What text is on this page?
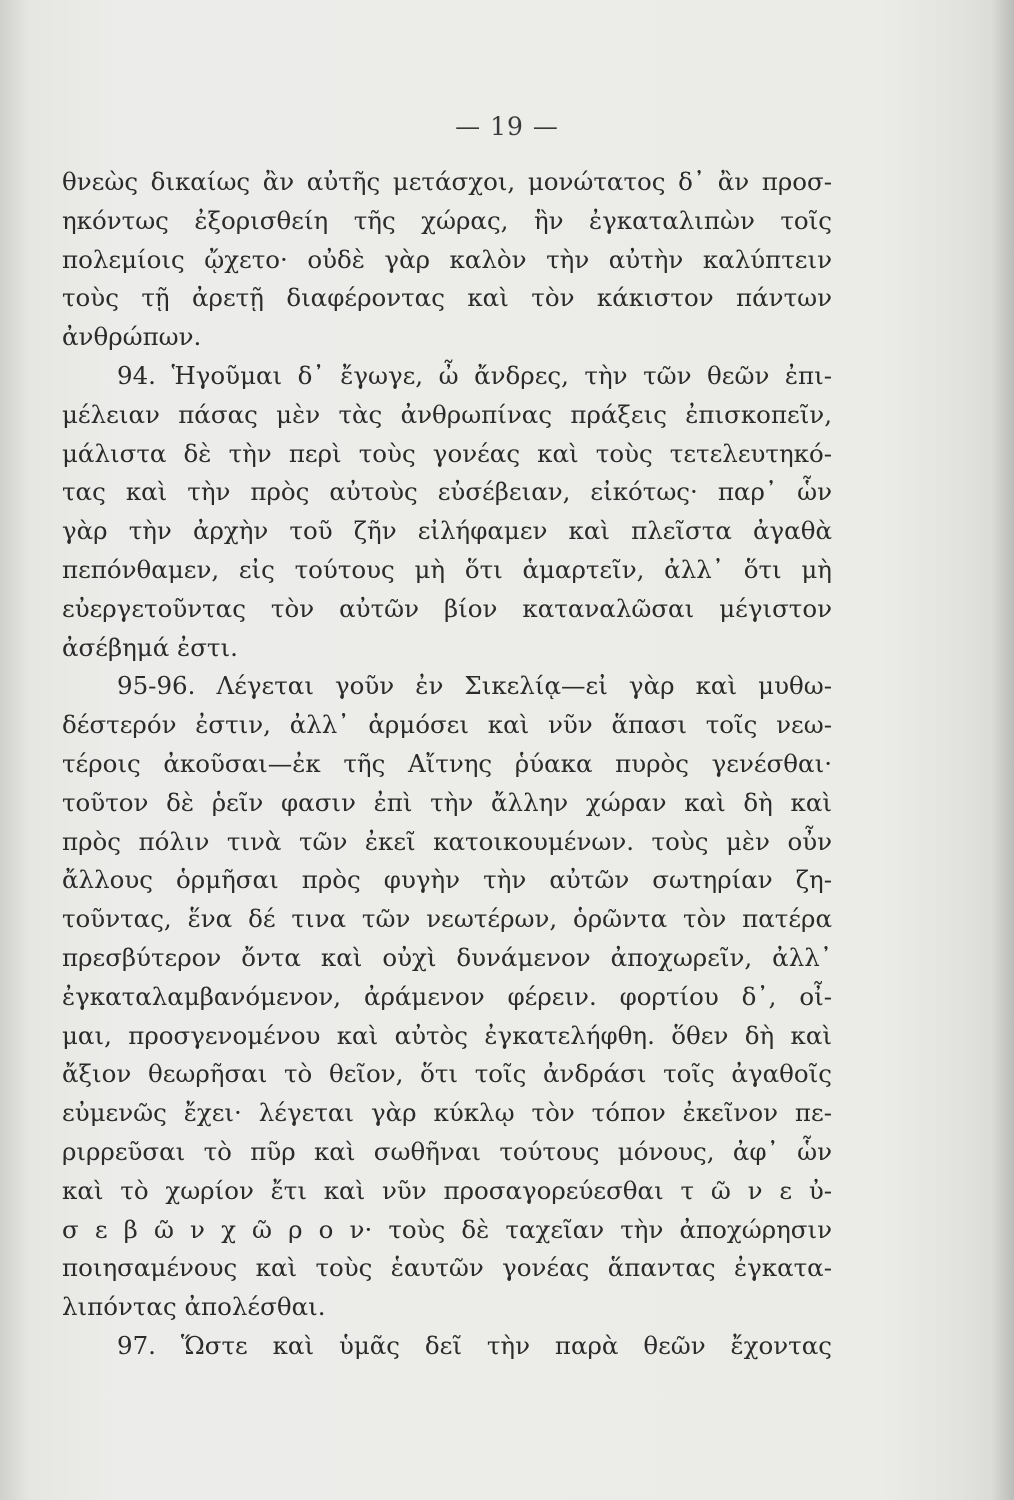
— 19 —
θνεὼς δικαίως ἂν αὐτῆς μετάσχοι, μονώτατος δ᾽ ἂν προσ-
ηκόντως ἐξορισθείη τῆς χώρας, ἣν ἐγκαταλιπὼν τοῖς
πολεμίοις ᾤχετο· οὐδὲ γὰρ καλὸν τὴν αὐτὴν καλύπτειν
τοὺς τῇ ἀρετῇ διαφέροντας καὶ τὸν κάκιστον πάντων
ἀνθρώπων.
94. Ἡγοῦμαι δ᾽ ἔγωγε, ὦ ἄνδρες, τὴν τῶν θεῶν ἐπι-
μέλειαν πάσας μὲν τὰς ἀνθρωπίνας πράξεις ἐπισκοπεῖν,
μάλιστα δὲ τὴν περὶ τοὺς γονέας καὶ τοὺς τετελευτηκό-
τας καὶ τὴν πρὸς αὐτοὺς εὐσέβειαν, εἰκότως· παρ᾽ ὧν
γὰρ τὴν ἀρχὴν τοῦ ζῆν εἰλήφαμεν καὶ πλεῖστα ἀγαθὰ
πεπόνθαμεν, εἰς τούτους μὴ ὅτι ἁμαρτεῖν, ἀλλ᾽ ὅτι μὴ
εὐεργετοῦντας τὸν αὐτῶν βίον καταναλῶσαι μέγιστον
ἀσέβημά ἐστι.
95-96. Λέγεται γοῦν ἐν Σικελίᾳ—εἰ γὰρ καὶ μυθω-
δέστερόν ἐστιν, ἀλλ᾽ ἁρμόσει καὶ νῦν ἅπασι τοῖς νεω-
τέροις ἀκοῦσαι—ἐκ τῆς Αἴτνης ῥύακα πυρὸς γενέσθαι·
τοῦτον δὲ ῥεῖν φασιν ἐπὶ τὴν ἄλλην χώραν καὶ δὴ καὶ
πρὸς πόλιν τινὰ τῶν ἐκεῖ κατοικουμένων. τοὺς μὲν οὖν
ἄλλους ὁρμῆσαι πρὸς φυγὴν τὴν αὐτῶν σωτηρίαν ζη-
τοῦντας, ἕνα δέ τινα τῶν νεωτέρων, ὁρῶντα τὸν πατέρα
πρεσβύτερον ὄντα καὶ οὐχὶ δυνάμενον ἀποχωρεῖν, ἀλλ᾽
ἐγκαταλαμβανόμενον, ἀράμενον φέρειν. φορτίου δ᾽, οἶ-
μαι, προσγενομένου καὶ αὐτὸς ἐγκατελήφθη. ὅθεν δὴ καὶ
ἄξιον θεωρῆσαι τὸ θεῖον, ὅτι τοῖς ἀνδράσι τοῖς ἀγαθοῖς
εὐμενῶς ἔχει· λέγεται γὰρ κύκλῳ τὸν τόπον ἐκεῖνον πε-
ριρρεῦσαι τὸ πῦρ καὶ σωθῆναι τούτους μόνους, ἀφ᾽ ὧν
καὶ τὸ χωρίον ἔτι καὶ νῦν προσαγορεύεσθαι τ ῶ ν ε ὐ-
σ ε β ῶ ν χ ῶ ρ ο ν· τοὺς δὲ ταχεῖαν τὴν ἀποχώρησιν
ποιησαμένους καὶ τοὺς ἑαυτῶν γονέας ἅπαντας ἐγκατα-
λιπόντας ἀπολέσθαι.
97. Ὥστε καὶ ὑμᾶς δεῖ τὴν παρὰ θεῶν ἔχοντας
